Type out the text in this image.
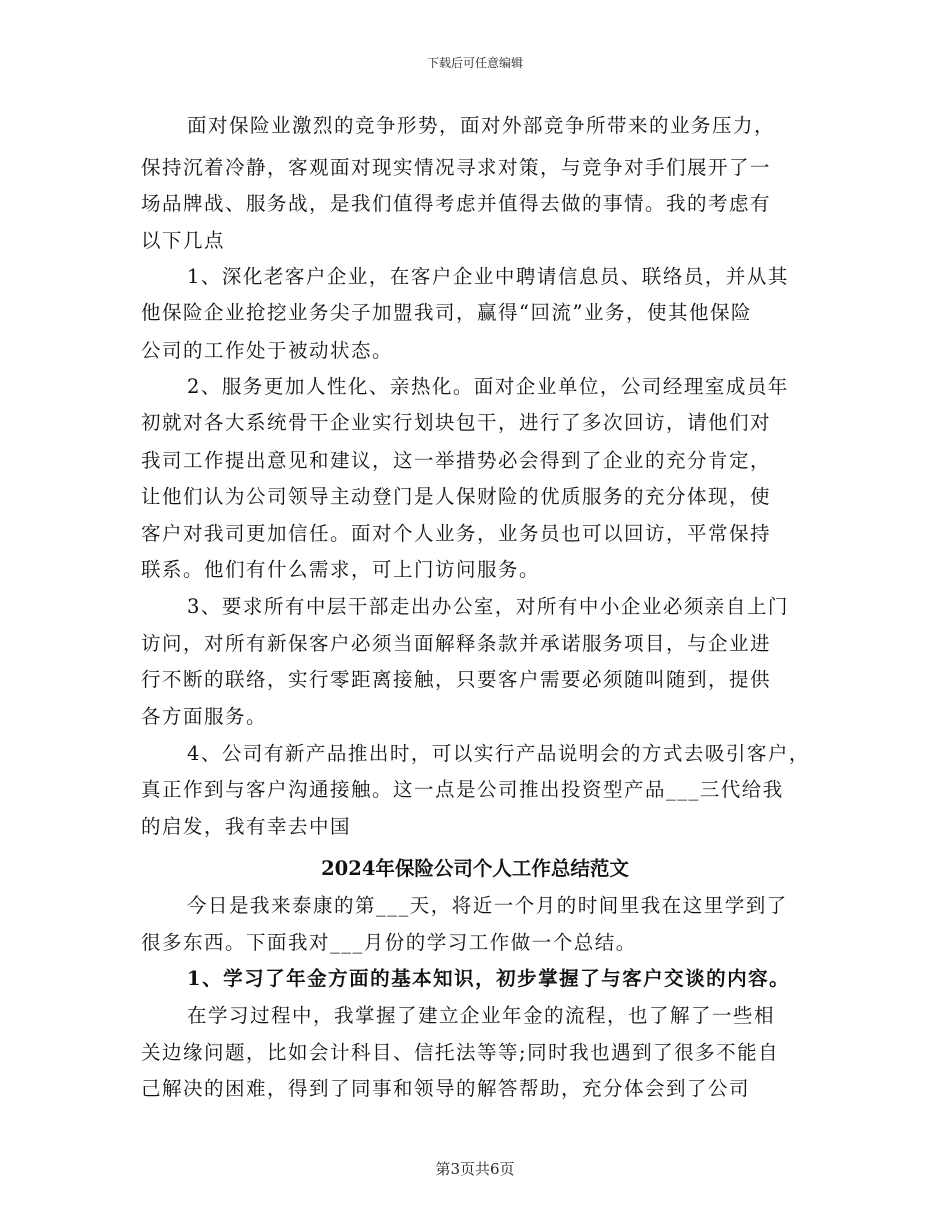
下载后可任意编辑
面对保险业激烈的竞争形势，面对外部竞争所带来的业务压力，
保持沉着冷静，客观面对现实情况寻求对策，与竞争对手们展开了一
场品牌战、服务战，是我们值得考虑并值得去做的事情。我的考虑有
以下几点
1、深化老客户企业，在客户企业中聘请信息员、联络员，并从其
他保险企业抢挖业务尖子加盟我司，赢得“回流”业务，使其他保险
公司的工作处于被动状态。
2、服务更加人性化、亲热化。面对企业单位，公司经理室成员年
初就对各大系统骨干企业实行划块包干，进行了多次回访，请他们对
我司工作提出意见和建议，这一举措势必会得到了企业的充分肯定，
让他们认为公司领导主动登门是人保财险的优质服务的充分体现，使
客户对我司更加信任。面对个人业务，业务员也可以回访，平常保持
联系。他们有什么需求，可上门访问服务。
3、要求所有中层干部走出办公室，对所有中小企业必须亲自上门
访问，对所有新保客户必须当面解释条款并承诺服务项目，与企业进
行不断的联络，实行零距离接触，只要客户需要必须随叫随到，提供
各方面服务。
4、公司有新产品推出时，可以实行产品说明会的方式去吸引客户，
真正作到与客户沟通接触。这一点是公司推出投资型产品___三代给我
的启发，我有幸去中国
2024年保险公司个人工作总结范文
今日是我来泰康的第___天，将近一个月的时间里我在这里学到了
很多东西。下面我对___月份的学习工作做一个总结。
1、学习了年金方面的基本知识，初步掌握了与客户交谈的内容。
在学习过程中，我掌握了建立企业年金的流程，也了解了一些相
关边缘问题，比如会计科目、信托法等等;同时我也遇到了很多不能自
己解决的困难，得到了同事和领导的解答帮助，充分体会到了公司
第3页共6页
